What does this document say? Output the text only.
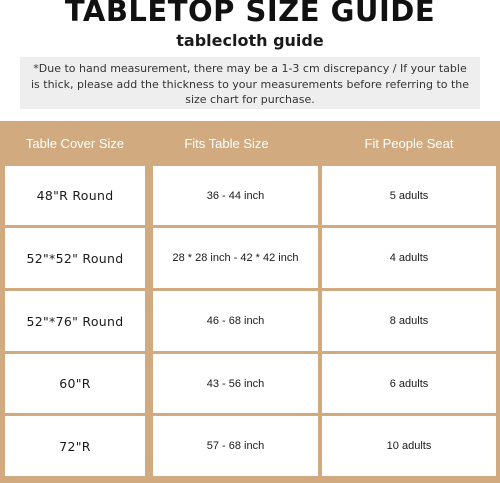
TABLETOP SIZE GUIDE
tablecloth guide
*Due to hand measurement, there may be a 1-3 cm discrepancy / If your table
is thick, please add the thickness to your measurements before referring to the
size chart for purchase.
Table Cover Size	Fits Table Size	Fit People Seat
48"R Round	36 - 44 inch	5 adults
52"*52" Round	28 * 28 inch - 42 * 42 inch	4 adults
52"*76" Round	46 - 68 inch	8 adults
60"R	43 - 56 inch	6 adults
72"R	57 - 68 inch	10 adults
